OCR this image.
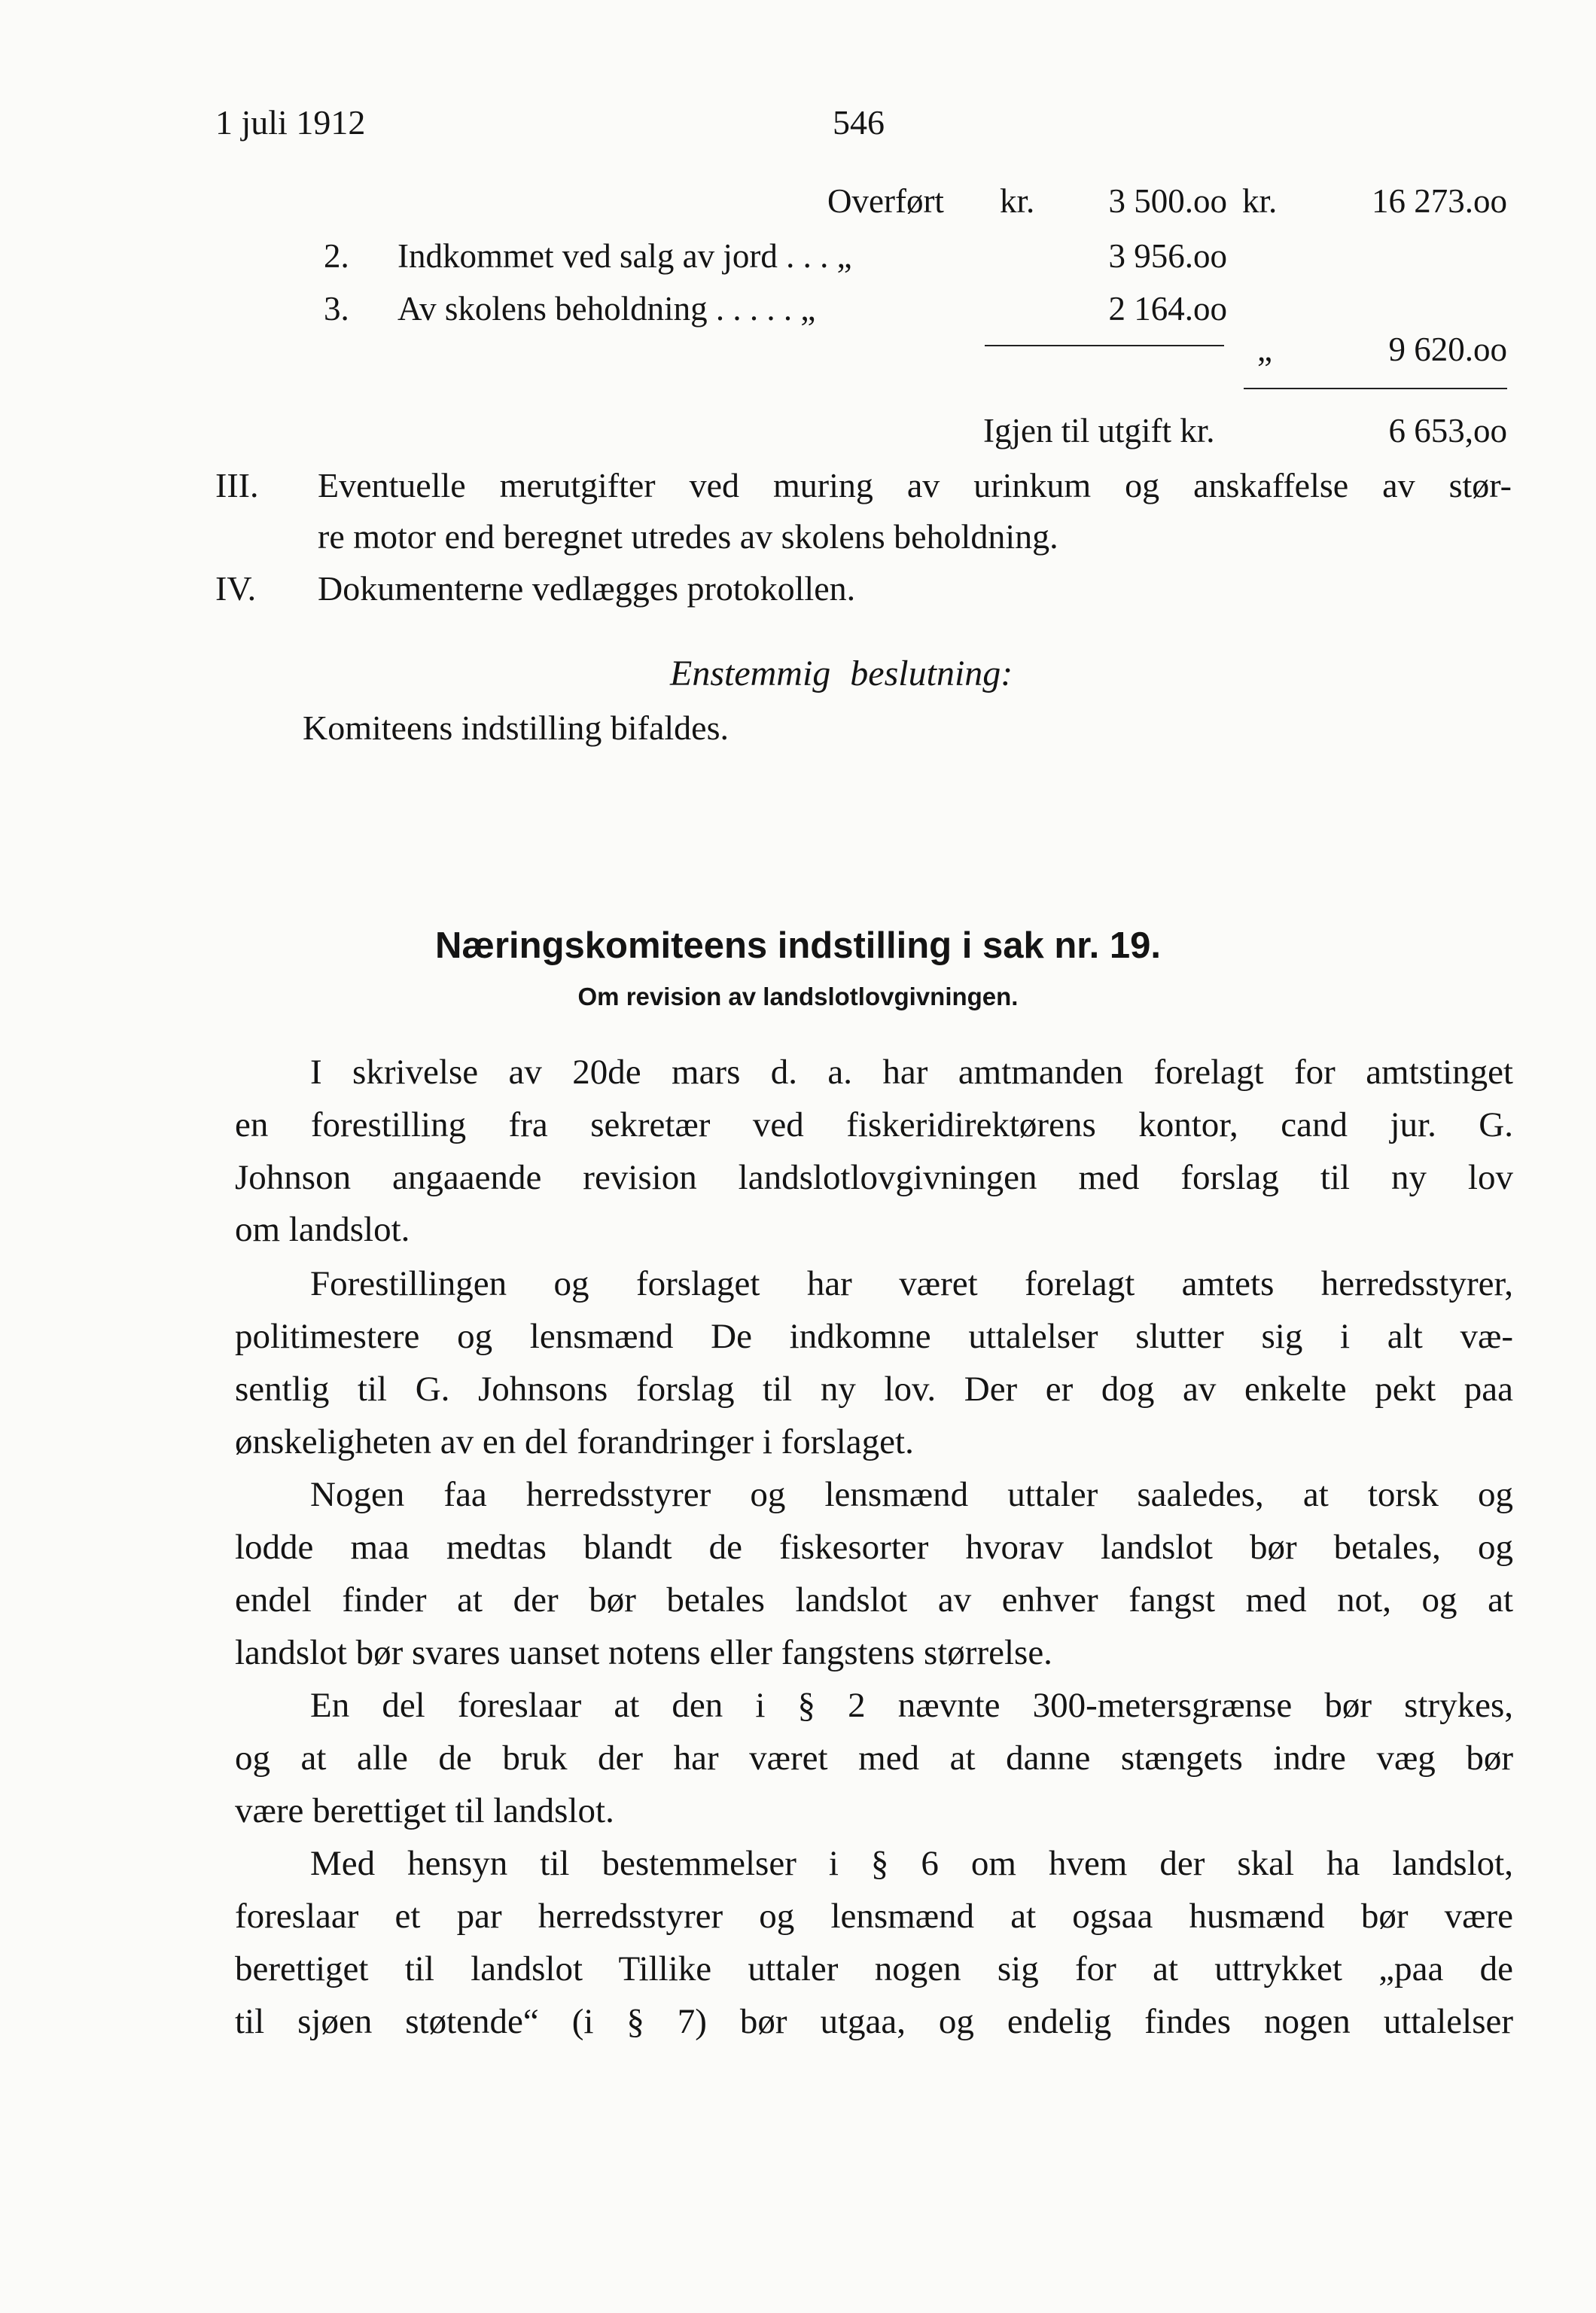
1 juli 1912	546
Overført kr.	3 500.oo kr.	16 273.oo
2. Indkommet ved salg av jord . . . „	3 956.oo
3. Av skolens beholdning . . . . . „	2 164.oo
„	9 620.oo
Igjen til utgift kr.	6 653,oo
III. Eventuelle merutgifter ved muring av urinkum og anskaffelse av stør-
re motor end beregnet utredes av skolens beholdning.
IV. Dokumenterne vedlægges protokollen.
Enstemmig beslutning:
Komiteens indstilling bifaldes.
Næringskomiteens indstilling i sak nr. 19.
Om revision av landslotlovgivningen.
I skrivelse av 20de mars d. a. har amtmanden forelagt for amtstinget
en forestilling fra sekretær ved fiskeridirektørens kontor, cand jur. G.
Johnson angaaende revision landslotlovgivningen med forslag til ny lov
om landslot.
Forestillingen og forslaget har været forelagt amtets herredsstyrer,
politimestere og lensmænd De indkomne uttalelser slutter sig i alt væ-
sentlig til G. Johnsons forslag til ny lov. Der er dog av enkelte pekt paa
ønskeligheten av en del forandringer i forslaget.
Nogen faa herredsstyrer og lensmænd uttaler saaledes, at torsk og
lodde maa medtas blandt de fiskesorter hvorav landslot bør betales, og
endel finder at der bør betales landslot av enhver fangst med not, og at
landslot bør svares uanset notens eller fangstens størrelse.
En del foreslaar at den i § 2 nævnte 300-metersgrænse bør strykes,
og at alle de bruk der har været med at danne stængets indre væg bør
være berettiget til landslot.
Med hensyn til bestemmelser i § 6 om hvem der skal ha landslot,
foreslaar et par herredsstyrer og lensmænd at ogsaa husmænd bør være
berettiget til landslot Tillike uttaler nogen sig for at uttrykket „paa de
til sjøen støtende“ (i § 7) bør utgaa, og endelig findes nogen uttalelser
